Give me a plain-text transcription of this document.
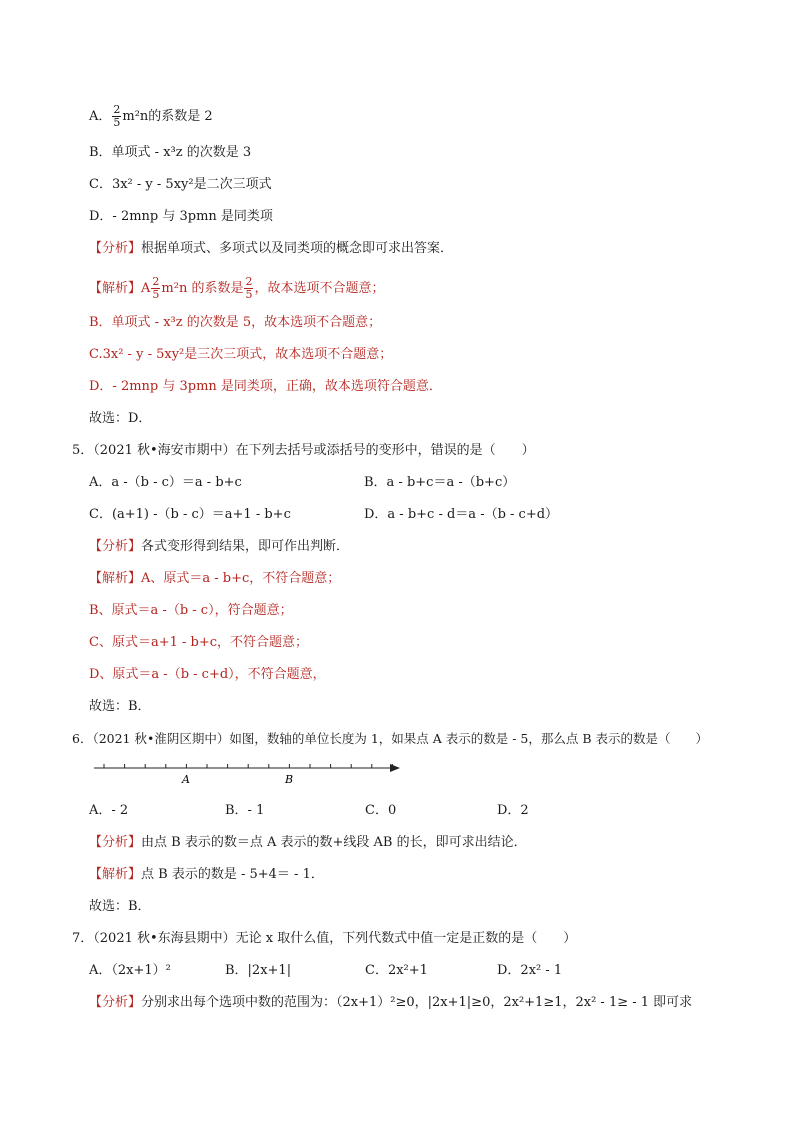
A． $\frac{2}{5} m^2n$的系数是 2
B．单项式 - x³z 的次数是 3
C．3x² - y - 5xy²是二次三项式
D．- 2mnp 与 3pmn 是同类项
【分析】根据单项式、多项式以及同类项的概念即可求出答案．
【解析】A $\frac{2}{5} m^2n$ 的系数是 $\frac{2}{5}$ ，故本选项不合题意；
B．单项式 - x³z 的次数是 5，故本选项不合题意；
C.3x² - y - 5xy²是三次三项式，故本选项不合题意；
D．- 2mnp 与 3pmn 是同类项，正确，故本选项符合题意．
故选：D．
5．（2021 秋•海安市期中）在下列去括号或添括号的变形中，错误的是（　　）
A．a -（b - c）＝a - b+c	B．a - b+c＝a -（b+c）
C．(a+1) -（b - c）＝a+1 - b+c	D．a - b+c - d＝a -（b - c+d）
【分析】各式变形得到结果，即可作出判断．
【解析】A、原式＝a - b+c，不符合题意；
B、原式＝a -（b - c），符合题意；
C、原式＝a+1 - b+c，不符合题意；
D、原式＝a -（b - c+d），不符合题意，
故选：B．
6．（2021 秋•淮阴区期中）如图，数轴的单位长度为 1，如果点 A 表示的数是 - 5，那么点 B 表示的数是（　　）
A	B
A．- 2	B．- 1	C．0	D．2
【分析】由点 B 表示的数＝点 A 表示的数+线段 AB 的长，即可求出结论．
【解析】点 B 表示的数是 - 5+4＝ - 1．
故选：B．
7．（2021 秋•东海县期中）无论 x 取什么值，下列代数式中值一定是正数的是（　　）
A．（2x+1）²	B．|2x+1|	C．2x²+1	D．2x² - 1
【分析】分别求出每个选项中数的范围为：（2x+1）²≥0，|2x+1|≥0，2x²+1≥1，2x² - 1≥ - 1 即可求
